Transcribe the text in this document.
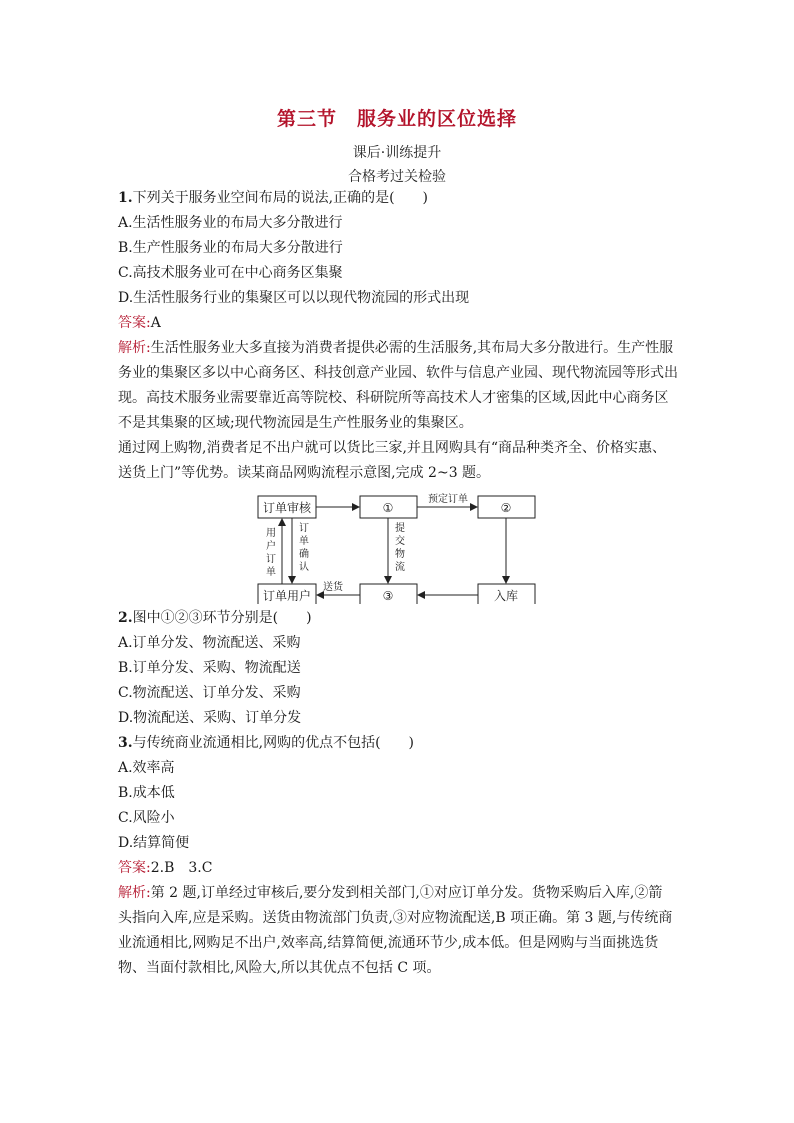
第三节 服务业的区位选择
课后·训练提升
合格考过关检验
1.下列关于服务业空间布局的说法,正确的是(　　)
A.生活性服务业的布局大多分散进行
B.生产性服务业的布局大多分散进行
C.高技术服务业可在中心商务区集聚
D.生活性服务行业的集聚区可以以现代物流园的形式出现
答案:A
解析:生活性服务业大多直接为消费者提供必需的生活服务,其布局大多分散进行。生产性服
务业的集聚区多以中心商务区、科技创意产业园、软件与信息产业园、现代物流园等形式出
现。高技术服务业需要靠近高等院校、科研院所等高技术人才密集的区域,因此中心商务区
不是其集聚的区域;现代物流园是生产性服务业的集聚区。
通过网上购物,消费者足不出户就可以货比三家,并且网购具有“商品种类齐全、价格实惠、
送货上门”等优势。读某商品网购流程示意图,完成 2~3 题。
订单审核	①	②
订单用户	③	入库
预定订单
送货
用
户
订
单
订
单
确
认
提
交
物
流
2.图中①②③环节分别是(　　)
A.订单分发、物流配送、采购
B.订单分发、采购、物流配送
C.物流配送、订单分发、采购
D.物流配送、采购、订单分发
3.与传统商业流通相比,网购的优点不包括(　　)
A.效率高
B.成本低
C.风险小
D.结算简便
答案:2.B　3.C
解析:第 2 题,订单经过审核后,要分发到相关部门,①对应订单分发。货物采购后入库,②箭
头指向入库,应是采购。送货由物流部门负责,③对应物流配送,B 项正确。第 3 题,与传统商
业流通相比,网购足不出户,效率高,结算简便,流通环节少,成本低。但是网购与当面挑选货
物、当面付款相比,风险大,所以其优点不包括 C 项。
